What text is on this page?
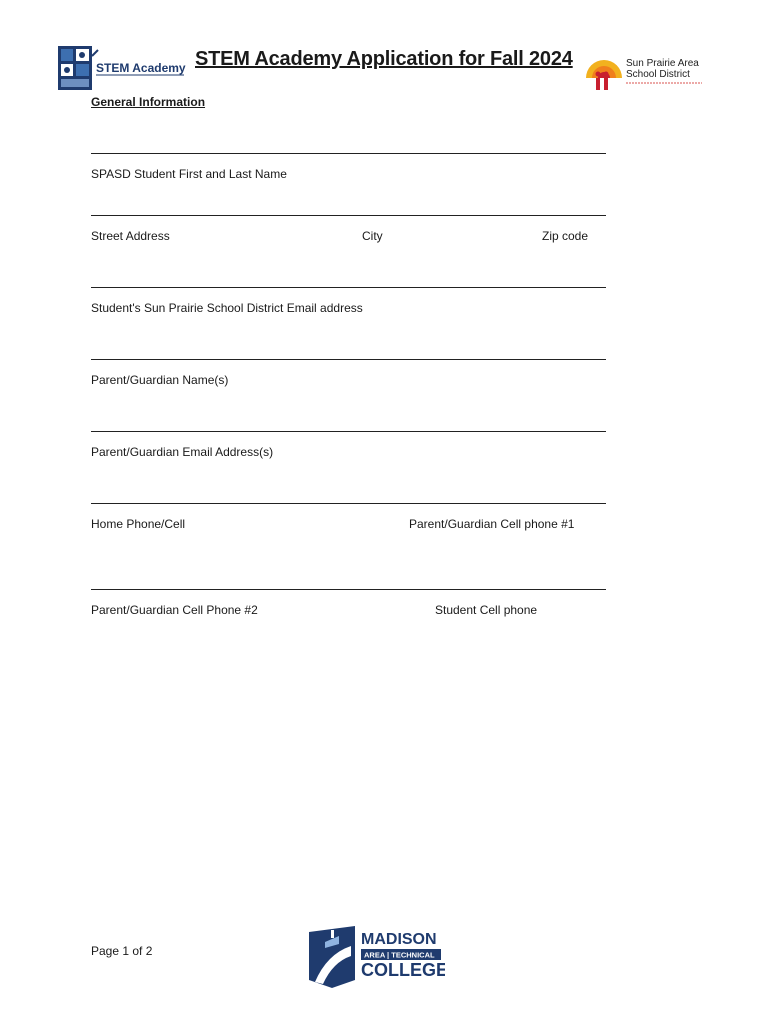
STEM Academy STEM Academy Application for Fall 2024	Sun Prairie Area
School District
General Information
SPASD Student First and Last Name
Street Address	City	Zip code
Student's Sun Prairie School District Email address
Parent/Guardian Name(s)
Parent/Guardian Email Address(s)
Home Phone/Cell	Parent/Guardian Cell phone #1
Parent/Guardian Cell Phone #2	Student Cell phone
Page 1 of 2
MADISON
AREA | TECHNICAL
COLLEGE
